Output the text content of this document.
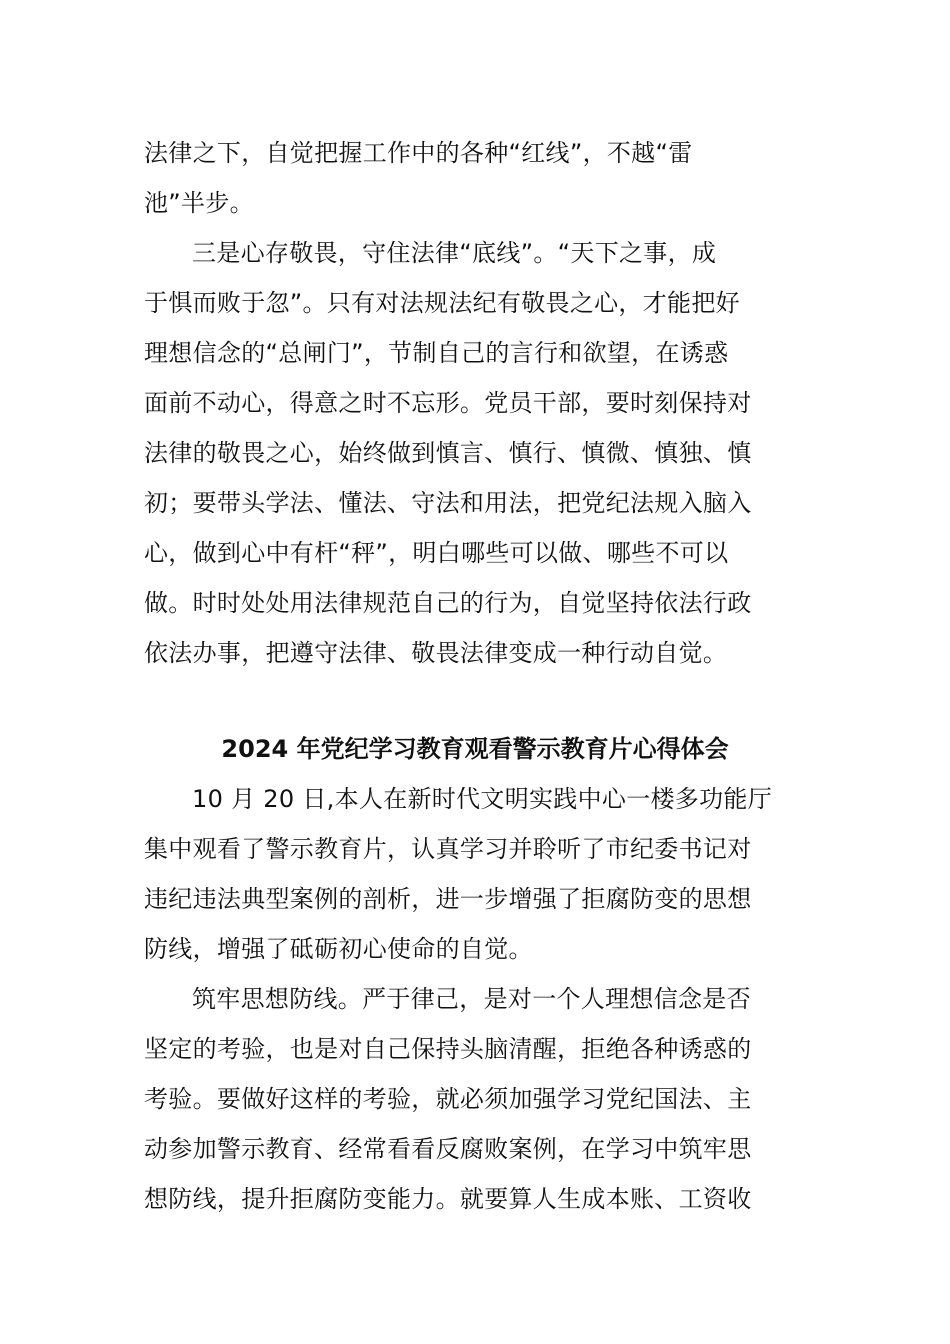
法律之下，自觉把握工作中的各种“红线”，不越“雷
池”半步。
三是心存敬畏，守住法律“底线”。“天下之事，成
于惧而败于忽”。只有对法规法纪有敬畏之心，才能把好
理想信念的“总闸门”，节制自己的言行和欲望，在诱惑
面前不动心，得意之时不忘形。党员干部，要时刻保持对
法律的敬畏之心，始终做到慎言、慎行、慎微、慎独、慎
初；要带头学法、懂法、守法和用法，把党纪法规入脑入
心，做到心中有杆“秤”，明白哪些可以做、哪些不可以
做。时时处处用法律规范自己的行为，自觉坚持依法行政
依法办事，把遵守法律、敬畏法律变成一种行动自觉。
2024 年党纪学习教育观看警示教育片心得体会
10 月 20 日,本人在新时代文明实践中心一楼多功能厅
集中观看了警示教育片，认真学习并聆听了市纪委书记对
违纪违法典型案例的剖析，进一步增强了拒腐防变的思想
防线，增强了砥砺初心使命的自觉。
筑牢思想防线。严于律己，是对一个人理想信念是否
坚定的考验，也是对自己保持头脑清醒，拒绝各种诱惑的
考验。要做好这样的考验，就必须加强学习党纪国法、主
动参加警示教育、经常看看反腐败案例，在学习中筑牢思
想防线，提升拒腐防变能力。就要算人生成本账、工资收
